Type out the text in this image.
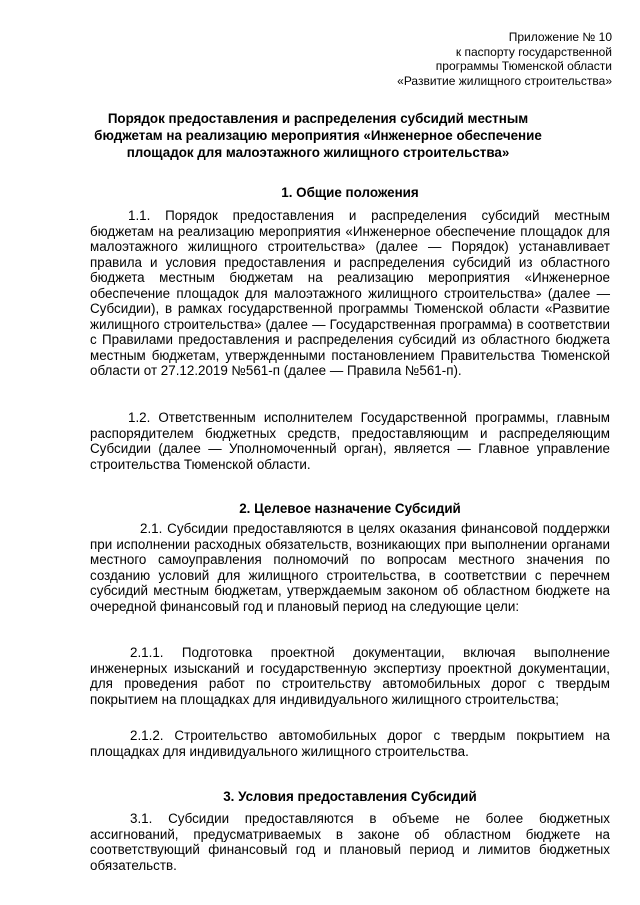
Приложение № 10
к паспорту государственной
программы Тюменской области
«Развитие жилищного строительства»
Порядок предоставления и распределения субсидий местным бюджетам на реализацию мероприятия «Инженерное обеспечение площадок для малоэтажного жилищного строительства»
1. Общие положения
1.1. Порядок предоставления и распределения субсидий местным бюджетам на реализацию мероприятия «Инженерное обеспечение площадок для малоэтажного жилищного строительства» (далее — Порядок) устанавливает правила и условия предоставления и распределения субсидий из областного бюджета местным бюджетам на реализацию мероприятия «Инженерное обеспечение площадок для малоэтажного жилищного строительства» (далее — Субсидии), в рамках государственной программы Тюменской области «Развитие жилищного строительства» (далее — Государственная программа) в соответствии с Правилами предоставления и распределения субсидий из областного бюджета местным бюджетам, утвержденными постановлением Правительства Тюменской области от 27.12.2019 №561-п (далее — Правила №561-п).
1.2. Ответственным исполнителем Государственной программы, главным распорядителем бюджетных средств, предоставляющим и распределяющим Субсидии (далее — Уполномоченный орган), является — Главное управление строительства Тюменской области.
2. Целевое назначение Субсидий
2.1. Субсидии предоставляются в целях оказания финансовой поддержки при исполнении расходных обязательств, возникающих при выполнении органами местного самоуправления полномочий по вопросам местного значения по созданию условий для жилищного строительства, в соответствии с перечнем субсидий местным бюджетам, утверждаемым законом об областном бюджете на очередной финансовый год и плановый период на следующие цели:
2.1.1. Подготовка проектной документации, включая выполнение инженерных изысканий и государственную экспертизу проектной документации, для проведения работ по строительству автомобильных дорог с твердым покрытием на площадках для индивидуального жилищного строительства;
2.1.2. Строительство автомобильных дорог с твердым покрытием на площадках для индивидуального жилищного строительства.
3. Условия предоставления Субсидий
3.1. Субсидии предоставляются в объеме не более бюджетных ассигнований, предусматриваемых в законе об областном бюджете на соответствующий финансовый год и плановый период и лимитов бюджетных обязательств.
